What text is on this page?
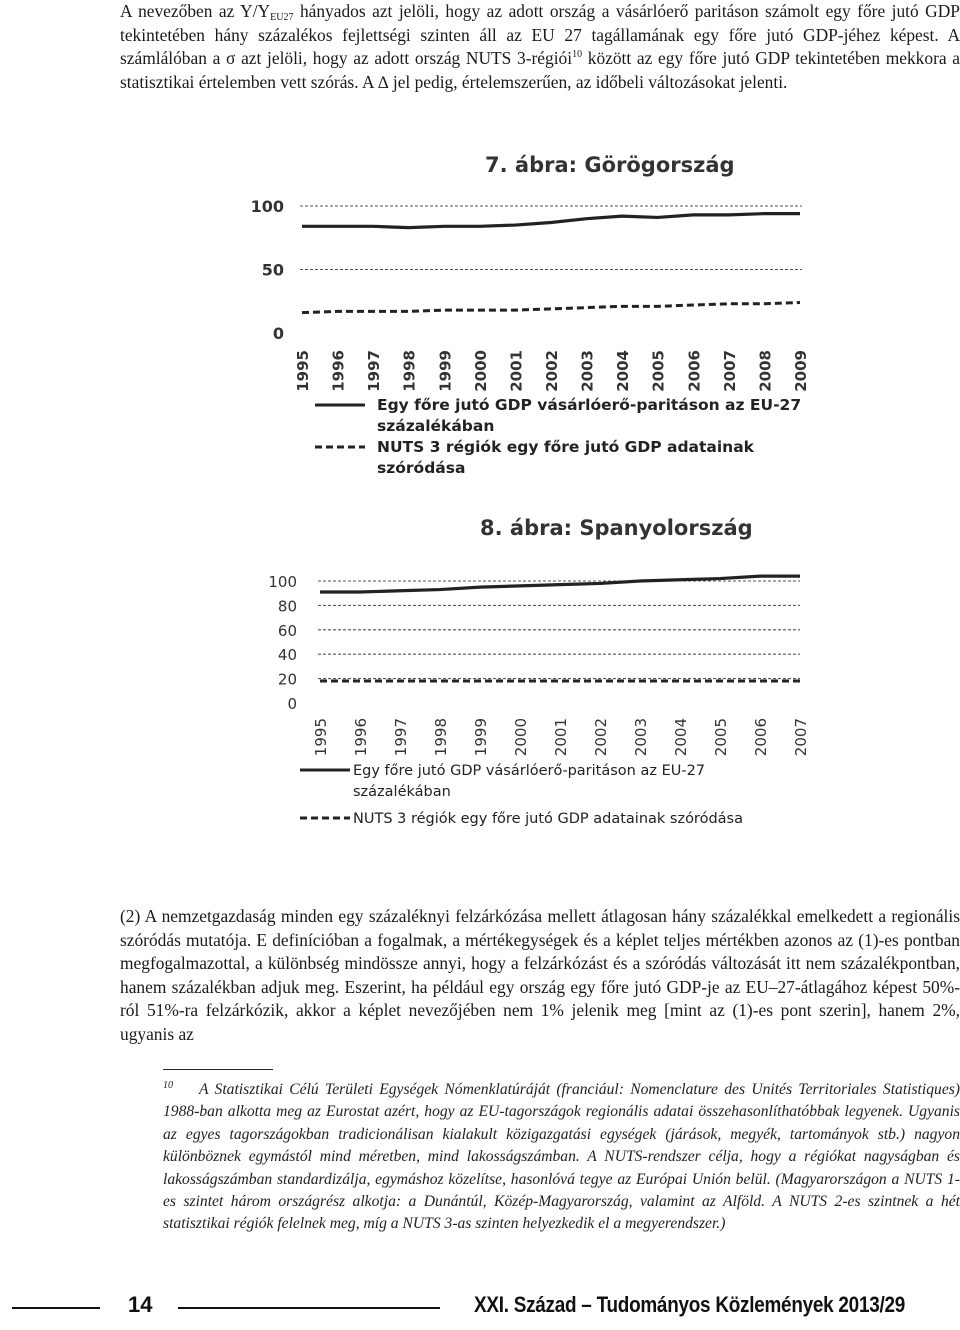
A nevezőben az $Y/Y_{EU27}$ hányados azt jelöli, hogy az adott ország a vásárlóerő paritáson számolt egy főre jutó GDP tekintetében hány százalékos fejlettségi szinten áll az EU 27 tagállamának egy főre jutó GDP-jéhez képest. A számlálóban a σ azt jelöli, hogy az adott ország NUTS 3-régiói$^{10}$ között az egy főre jutó GDP tekintetében mekkora a statisztikai értelemben vett szórás. A ∆ jel pedig, értelemszerűen, az időbeli változásokat jelenti.

7. ábra: Görögország
0
50
100
1995 1996 1997 1998 1999 2000 2001 2002 2003 2004 2005 2006 2007 2008 2009
Egy főre jutó GDP vásárlóerő-paritáson az EU-27 százalékában
NUTS 3 régiók egy főre jutó GDP adatainak szóródása
8. ábra: Spanyolország
0
20
40
60
80
100
1995 1996 1997 1998 1999 2000 2001 2002 2003 2004 2005 2006 2007
Egy főre jutó GDP vásárlóerő-paritáson az EU-27 százalékában
NUTS 3 régiók egy főre jutó GDP adatainak szóródása

(2) A nemzetgazdaság minden egy százaléknyi felzárkózása mellett átlagosan hány százalékkal emelkedett a regionális szóródás mutatója. E definícióban a fogalmak, a mértékegységek és a képlet teljes mértékben azonos az (1)-es pontban megfogalmazottal, a különbség mindössze annyi, hogy a felzárkózást és a szóródás változását itt nem százalékpontban, hanem százalékban adjuk meg. Eszerint, ha például egy ország egy főre jutó GDP-je az EU–27-átlagához képest 50%-ról 51%-ra felzárkózik, akkor a képlet nevezőjében nem 1% jelenik meg [mint az (1)-es pont szerin], hanem 2%, ugyanis az

$^{10}$ A Statisztikai Célú Területi Egységek Nómenklatúráját (franciául: Nomenclature des Unités Territoriales Statistiques) 1988-ban alkotta meg az Eurostat azért, hogy az EU-tagországok regionális adatai összehasonlíthatóbbak legyenek. Ugyanis az egyes tagországokban tradicionálisan kialakult közigazgatási egységek (járások, megyék, tartományok stb.) nagyon különböznek egymástól mind méretben, mind lakosságszámban. A NUTS-rendszer célja, hogy a régiókat nagyságban és lakosságszámban standardizálja, egymáshoz közelítse, hasonlóvá tegye az Európai Unión belül. (Magyarországon a NUTS 1-es szintet három országrész alkotja: a Dunántúl, Közép-Magyarország, valamint az Alföld. A NUTS 2-es szintnek a hét statisztikai régiók felelnek meg, míg a NUTS 3-as szinten helyezkedik el a megyerendszer.)

14	XXI. Század – Tudományos Közlemények 2013/29
